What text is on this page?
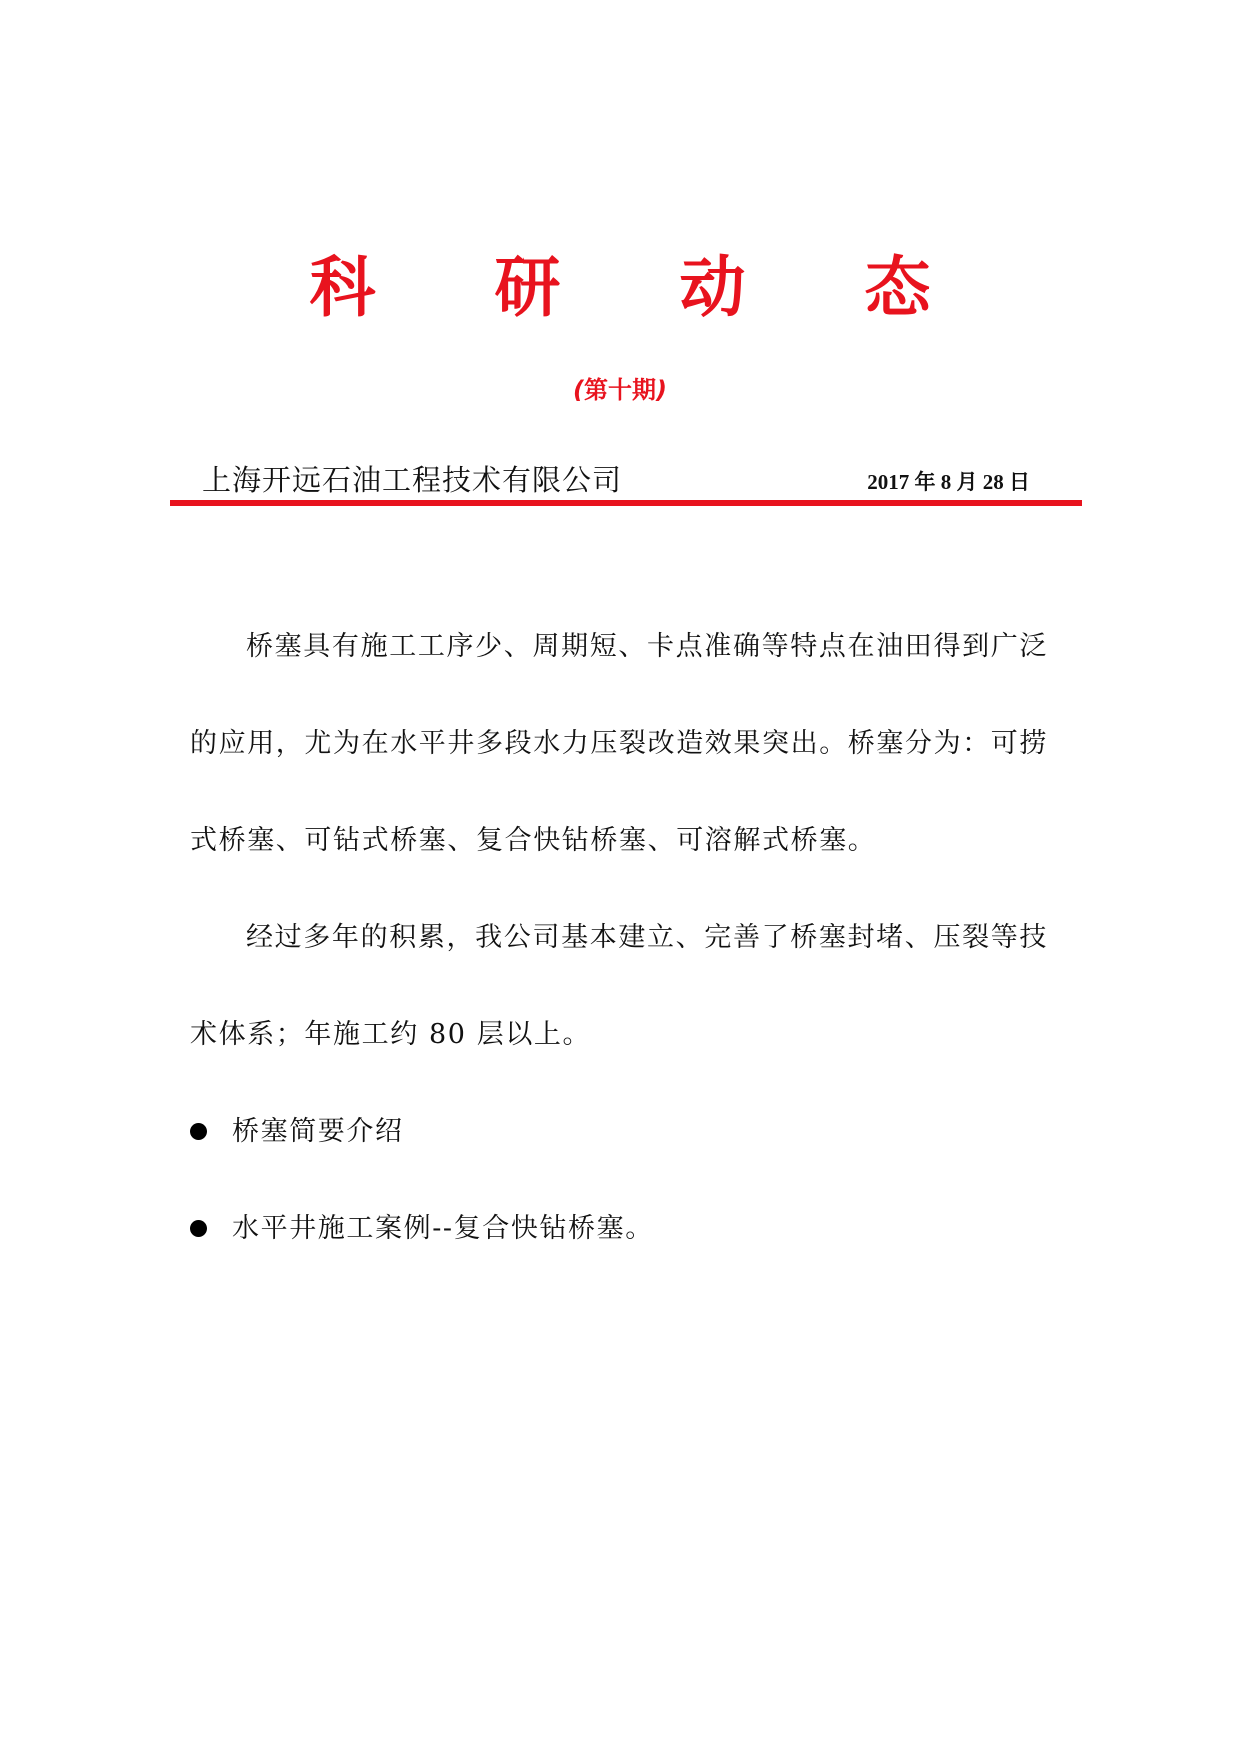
科 研 动 态
(第十期)
上海开远石油工程技术有限公司	2017 年 8 月 28 日

桥塞具有施工工序少、周期短、卡点准确等特点在油田得到广泛的应用，尤为在水平井多段水力压裂改造效果突出。桥塞分为：可捞式桥塞、可钻式桥塞、复合快钻桥塞、可溶解式桥塞。

经过多年的积累，我公司基本建立、完善了桥塞封堵、压裂等技术体系；年施工约 80 层以上。

桥塞简要介绍
水平井施工案例--复合快钻桥塞。
